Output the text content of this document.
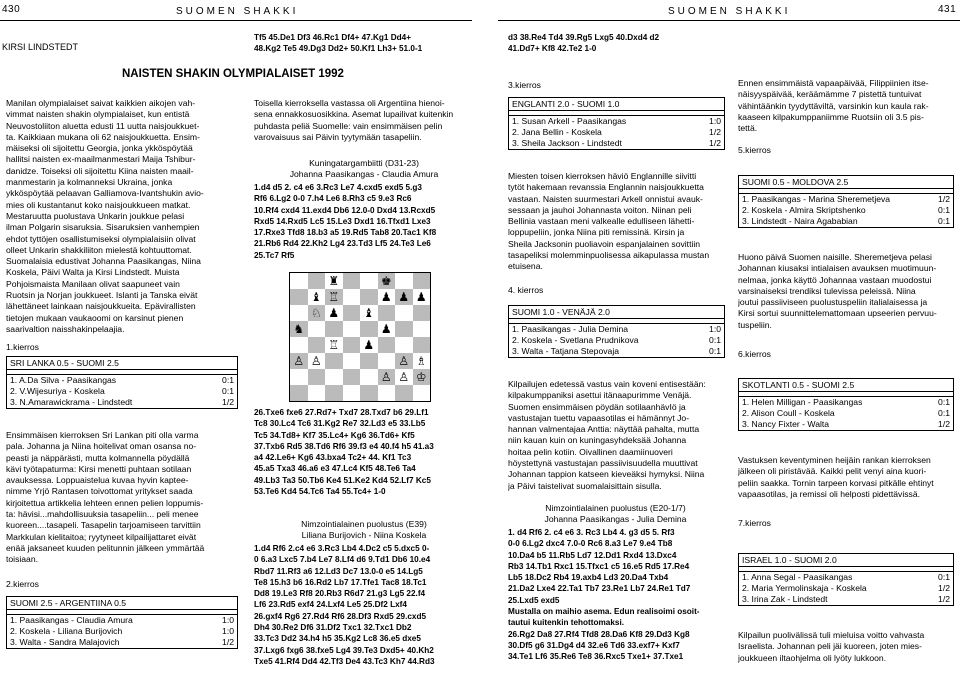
430	SUOMEN SHAKKI	SUOMEN SHAKKI	431
KIRSI LINDSTEDT
NAISTEN SHAKIN OLYMPIALAISET 1992
Manilan olympialaiset saivat kaikkien aikojen vah-
vimmat naisten shakin olympialaiset, kun entistä
Neuvostoliiton aluetta edusti 11 uutta naisjoukkuet-
ta. Kaikkiaan mukana oli 62 naisjoukkuetta. Ensim-
mäiseksi oli sijoitettu Georgia, jonka ykköspöytää
hallitsi naisten ex-maailmanmestari Maija Tshibur-
danidze. Toiseksi oli sijoitettu Kiina naisten maail-
manmestarin ja kolmanneksi Ukraina, jonka
ykköspöytää pelaavan Galliamova-Ivantshukin avio-
mies oli kustantanut koko naisjoukkueen matkat.
Mestaruutta puolustava Unkarin joukkue pelasi
ilman Polgarin sisaruksia. Sisaruksien vanhempien
ehdot tyttöjen osallistumiseksi olympialaisiin olivat
olleet Unkarin shakkiliiton mielestä kohtuuttomat.
Suomalaisia edustivat Johanna Paasikangas, Niina
Koskela, Päivi Walta ja Kirsi Lindstedt. Muista
Pohjoismaista Manilaan olivat saapuneet vain
Ruotsin ja Norjan joukkueet. Islanti ja Tanska eivät
lähettäneet lainkaan naisjoukkueita. Epävirallisten
tietojen mukaan vaukaoomi on karsinut pienen
saarivaltion naisshakinpelaajia.
1.kierros
SRI LANKA 0.5 - SUOMI 2.5
1. A.Da Silva - Paasikangas	0:1
2. V.Wijesuriya - Koskela	0:1
3. N.Amarawickrama - Lindstedt	1/2
Ensimmäisen kierroksen Sri Lankan piti olla varma
pala. Johanna ja Niina hoitelivat oman osansa no-
peasti ja näppärästi, mutta kolmannella pöydällä
kävi työtapaturma: Kirsi menetti puhtaan sotilaan
avauksessa. Loppuaisteluа kuvaa hyvin kapteе-
nimme Yrjö Rantasen toivottomat yritykset saada
kirjoitettua artikkelia lehteen ennen pelien loppumis-
ta: hävisi...mahdollisuuksia tasapeliin... peli menee
kuoreen....tasapeli. Tasapelin tarjoamiseen tarvittiin
Markkulan kielitaitoa; ryytyneet kilpailijattaret eivät
enää jaksaneet kuuden pelitunnin jälkeen ymmärtää
toisiaan.
2.kierros
SUOMI 2.5 - ARGENTIINA 0.5
1. Paasikangas - Claudia Amura	1:0
2. Koskela - Liliana Burijovich	1:0
3. Walta - Sandra Malajovich	1/2
Tf5 45.De1 Df3 46.Rc1 Df4+ 47.Kg1 Dd4+
48.Kg2 Te5 49.Dg3 Dd2+ 50.Kf1 Lh3+ 51.0-1
Toisella kierroksella vastassa oli Argentiina hienoi-
sena ennakkosuosikkina. Asemat lupailivat kuitenkin
puhdasta peliä Suomelle: vain ensimmäisen pelin
varovaisuus sai Päivin tyytymään tasapeliin.
Kuningatargambiitti (D31-23)
Johanna Paasikangas - Claudia Amura
1.d4 d5 2. c4 e6 3.Rc3 Le7 4.cxd5 exd5 5.g3
Rf6 6.Lg2 0-0 7.h4 Le6 8.Rh3 c5 9.e3 Rc6
10.Rf4 cxd4 11.exd4 Db6 12.0-0 Dxd4 13.Rcxd5
Rxd5 14.Rxd5 Lc5 15.Le3 Dxd1 16.Tfxd1 Lxe3
17.Rxe3 Tfd8 18.b3 a5 19.Rd5 Tab8 20.Tac1 Kf8
21.Rb6 Rd4 22.Kh2 Lg4 23.Td3 Lf5 24.Te3 Le6
25.Tc7 Rf5
♜	♚
♝ ♖	♟ ♟ ♟
♘ ♟ ♝
♞	♟
♖ ♟
♙ ♙	♙ ♗
♙ ♙ ♔
26.Txe6 fxe6 27.Rd7+ Txd7 28.Txd7 b6 29.Lf1
Tc8 30.Lc4 Tc6 31.Kg2 Re7 32.Ld3 e5 33.Lb5
Tc5 34.Td8+ Kf7 35.Lc4+ Kg6 36.Td6+ Kf5
37.Txb6 Rd5 38.Td6 Rf6 39.f3 e4 40.f4 h5 41.a3
a4 42.Le6+ Kg6 43.bxa4 Tc2+ 44. Kf1 Tc3
45.a5 Txa3 46.a6 e3 47.Lc4 Kf5 48.Te6 Ta4
49.Lb3 Ta3 50.Tb6 Ke4 51.Ke2 Kd4 52.Lf7 Kc5
53.Te6 Kd4 54.Tc6 Ta4 55.Tc4+ 1-0
Nimzointialainen puolustus (E39)
Liliana Burijovich - Niina Koskela
1.d4 Rf6 2.c4 e6 3.Rc3 Lb4 4.Dc2 c5 5.dxc5 0-
0 6.a3 Lxc5 7.b4 Le7 8.Lf4 d6 9.Td1 Db6 10.e4
Rbd7 11.Rf3 a6 12.Ld3 Dc7 13.0-0 e5 14.Lg5
Te8 15.h3 b6 16.Rd2 Lb7 17.Tfe1 Tac8 18.Tc1
Dd8 19.Le3 Rf8 20.Rb3 R6d7 21.g3 Lg5 22.f4
Lf6 23.Rd5 exf4 24.Lxf4 Le5 25.Df2 Lxf4
26.gxf4 Rg6 27.Rd4 Rf6 28.Df3 Rxd5 29.cxd5
Dh4 30.Re2 Df6 31.Df2 Txc1 32.Txc1 Db2
33.Tc3 Dd2 34.h4 h5 35.Kg2 Lc8 36.e5 dxe5
37.Lxg6 fxg6 38.fxe5 Lg4 39.Te3 Dxd5+ 40.Kh2
Txe5 41.Rf4 Dd4 42.Tf3 De4 43.Tc3 Kh7 44.Rd3
d3 38.Re4 Td4 39.Rg5 Lxg5 40.Dxd4 d2
41.Dd7+ Kf8 42.Te2 1-0
3.kierros
ENGLANTI 2.0 - SUOMI 1.0
1. Susan Arkell - Paasikangas	1:0
2. Jana Bellin - Koskela	1/2
3. Sheila Jackson - Lindstedt	1/2
Miesten toisen kierroksen häviö Englannille siivitti
tytöt hakemaan revanssia Englannin naisjoukkuetta
vastaan. Naisten suurmestari Arkell onnistui avauk-
sessaan ja jauhoi Johannasta voiton. Niinan peli
Bellinia vastaan meni valkealle edulliseen lähetti-
loppupeliin, jonka Niina piti remissinä. Kirsin ja
Sheila Jacksonin puoliavoin espanjalainen sovittiin
tasapeliksi molemminpuolisessa aikapulassa mustan
etuisena.
4. kierros
SUOMI 1.0 - VENÄJÄ 2.0
1. Paasikangas - Julia Demina	1:0
2. Koskela - Svetlana Prudnikova	0:1
3. Walta - Tatjana Stepovaja	0:1
Kilpailujen edetessä vastus vain koveni entisestään:
kilpakumppaniksi asettui itänaapurimme Venäjä.
Suomen ensimmäisen pöydän sotilaanhävIö ja
vastustajan tuettu vapaasotilas ei hämännyt Jo-
hannan valmentajaa Anttia: näyttää pahalta, mutta
niin kauan kuin on kuningasyhdeksää Johanna
hoitaa pelin kotiin. Oivallinen daamiinuoveri
höystettynä vastustajan passiivisuudella muuttivat
Johannan tappion katseen kieveäksi hymyksi. Niina
ja Päivi taistelivat suomalaisittain sisulla.
Nimzointialainen puolustus (E20-1/7)
Johanna Paasikangas - Julia Demina
1. d4 Rf6 2. c4 e6 3. Rc3 Lb4 4. g3 d5 5. Rf3
0-0 6.Lg2 dxc4 7.0-0 Rc6 8.a3 Le7 9.e4 Tb8
10.Da4 b5 11.Rb5 Ld7 12.Dd1 Rxd4 13.Dxc4
Rb3 14.Tb1 Rxc1 15.Tfxc1 c5 16.e5 Rd5 17.Re4
Lb5 18.Dc2 Rb4 19.axb4 Ld3 20.Da4 Txb4
21.Da2 Lxe4 22.Ta1 Tb7 23.Re1 Lb7 24.Re1 Td7
25.Lxd5 exd5
Mustalla on maihio asema. Edun realisoimi osoit-
tautui kuitenkin tehottomaksi.
26.Rg2 Da8 27.Rf4 Tfd8 28.Da6 Kf8 29.Dd3 Kg8
30.Df5 g6 31.Dg4 d4 32.e6 Td6 33.exf7+ Kxf7
34.Te1 Lf6 35.Re6 Te8 36.Rxc5 Txe1+ 37.Txe1
Ennen ensimmäistä vapaapäivää, Filippiinien itse-
näisyyspäivää, keräämämme 7 pistettä tuntuivat
vähintäänkin tyydyttäviltä, varsinkin kun kaula rak-
kaaseen kilpakumppaniimme Ruotsiin oli 3.5 pis-
tettä.
5.kierros
SUOMI 0.5 - MOLDOVA 2.5
1. Paasikangas - Marina Sheremetjeva	1/2
2. Koskela - Almira Skriptshenko	0:1
3. Lindstedt - Naira Agababian	0:1
Huono päivä Suomen naisille. Sheremetjeva pelasi
Johannan kiusaksi intialaisen avauksen muotimuun-
nelmaa, jonka käyttö Johannaa vastaan muodostui
varsinaiseksi trendiksi tulevissa peleissä. Niina
joutui passiiviseen puolustuspeliin italialaisessa ja
Kirsi sortui suunnittelemattomaan upseerien pervuu-
tuspeliin.
6.kierros
SKOTLANTI 0.5 - SUOMI 2.5
1. Helen Milligan - Paasikangas	0:1
2. Alison Coull - Koskela	0:1
3. Nancy Fixter - Walta	1/2
Vastuksen keventyminen heijäin rankan kierroksen
jälkeen oli piristävää. Kaikki pelit venyi aina kuori-
peliin saakka. Tornin tarpeen korvasi pitkälle ehtinyt
vapaasotilas, ja remissi oli helposti pidettävissä.
7.kierros
ISRAEL 1.0 - SUOMI 2.0
1. Anna Segal - Paasikangas	0:1
2. Maria Yermolinskaja - Koskela	1/2
3. Irina Zak - Lindstedt	1/2
Kilpailun puolivälissä tuli mieluisa voitto vahvasta
Israelista. Johannan peli jäi kuoreen, joten mies-
joukkueen iltaohjelma oli lyöty lukkoon.
